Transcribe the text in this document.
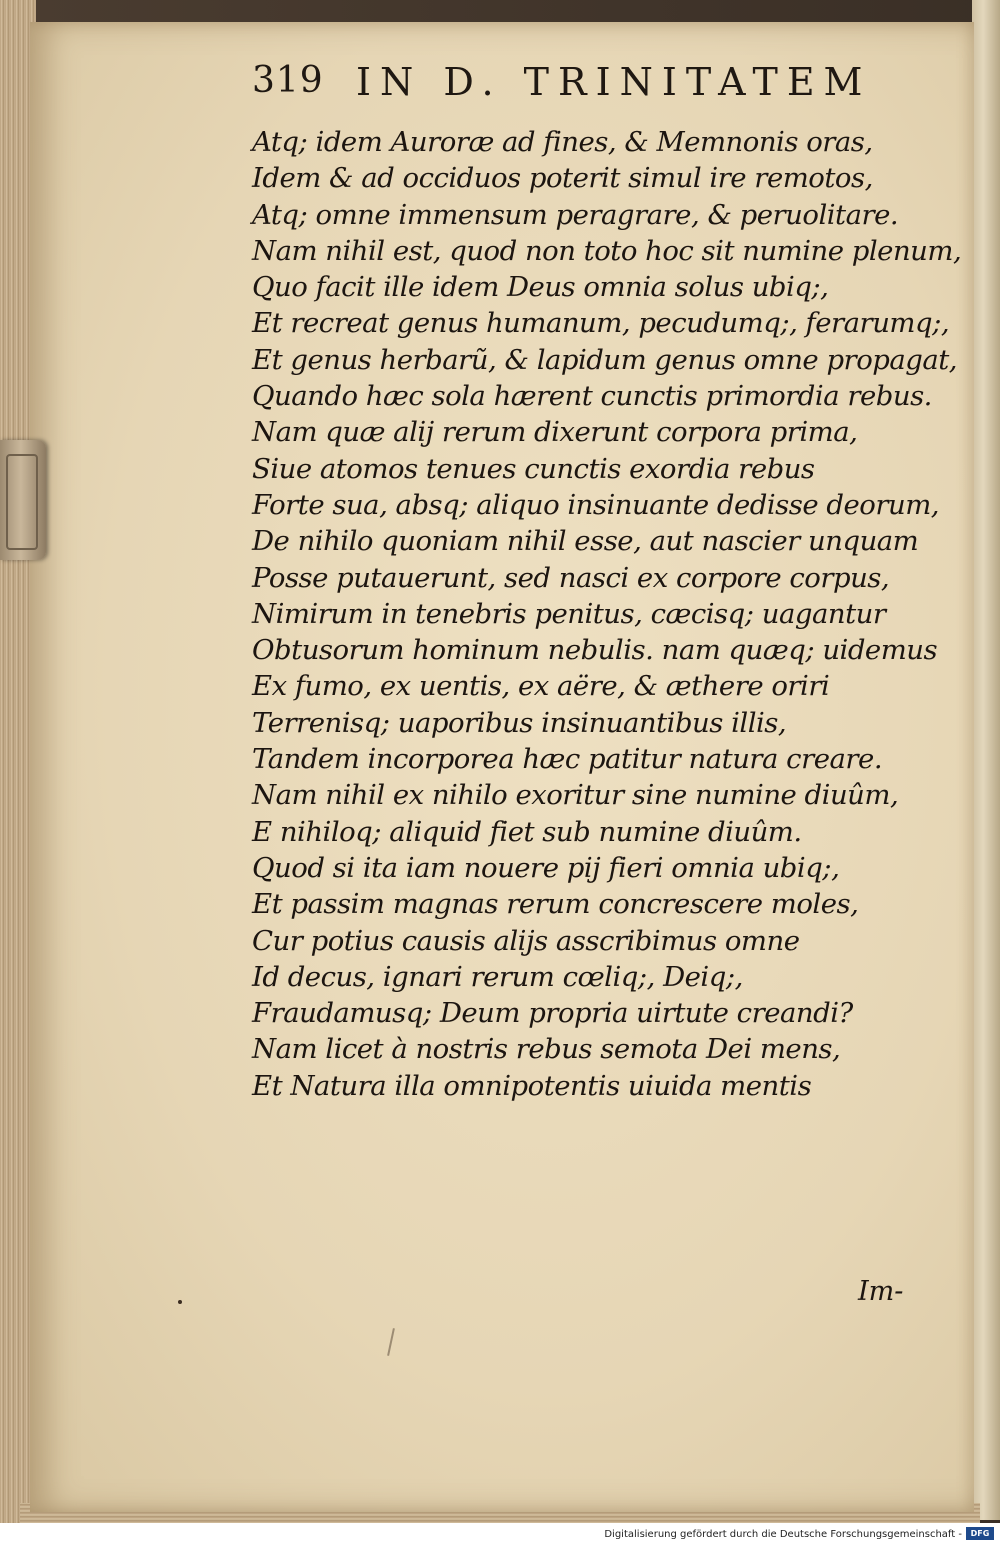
319 IN D. TRINITATEM
Atq; idem Auroræ ad fines, & Memnonis oras,
Idem & ad occiduos poterit simul ire remotos,
Atq; omne immensum peragrare, & peruolitare.
Nam nihil est, quod non toto hoc sit numine plenum,
Quo facit ille idem Deus omnia solus ubiq;,
Et recreat genus humanum, pecudumq;, ferarumq;,
Et genus herbarũ, & lapidum genus omne propagat,
Quando hæc sola hærent cunctis primordia rebus.
Nam quæ alij rerum dixerunt corpora prima,
Siue atomos tenues cunctis exordia rebus
Forte sua, absq; aliquo insinuante dedisse deorum,
De nihilo quoniam nihil esse, aut nascier unquam
Posse putauerunt, sed nasci ex corpore corpus,
Nimirum in tenebris penitus, cæcisq; uagantur
Obtusorum hominum nebulis. nam quæq; uidemus
Ex fumo, ex uentis, ex aëre, & æthere oriri
Terrenisq; uaporibus insinuantibus illis,
Tandem incorporea hæc patitur natura creare.
Nam nihil ex nihilo exoritur sine numine diuûm,
E nihiloq; aliquid fiet sub numine diuûm.
Quod si ita iam nouere pij fieri omnia ubiq;,
Et passim magnas rerum concrescere moles,
Cur potius causis alijs asscribimus omne
Id decus, ignari rerum cœliq;, Deiq;,
Fraudamusq; Deum propria uirtute creandi?
Nam licet à nostris rebus semota Dei mens,
Et Natura illa omnipotentis uiuida mentis
Im-
Digitalisierung gefördert durch die Deutsche Forschungsgemeinschaft -	DFG
